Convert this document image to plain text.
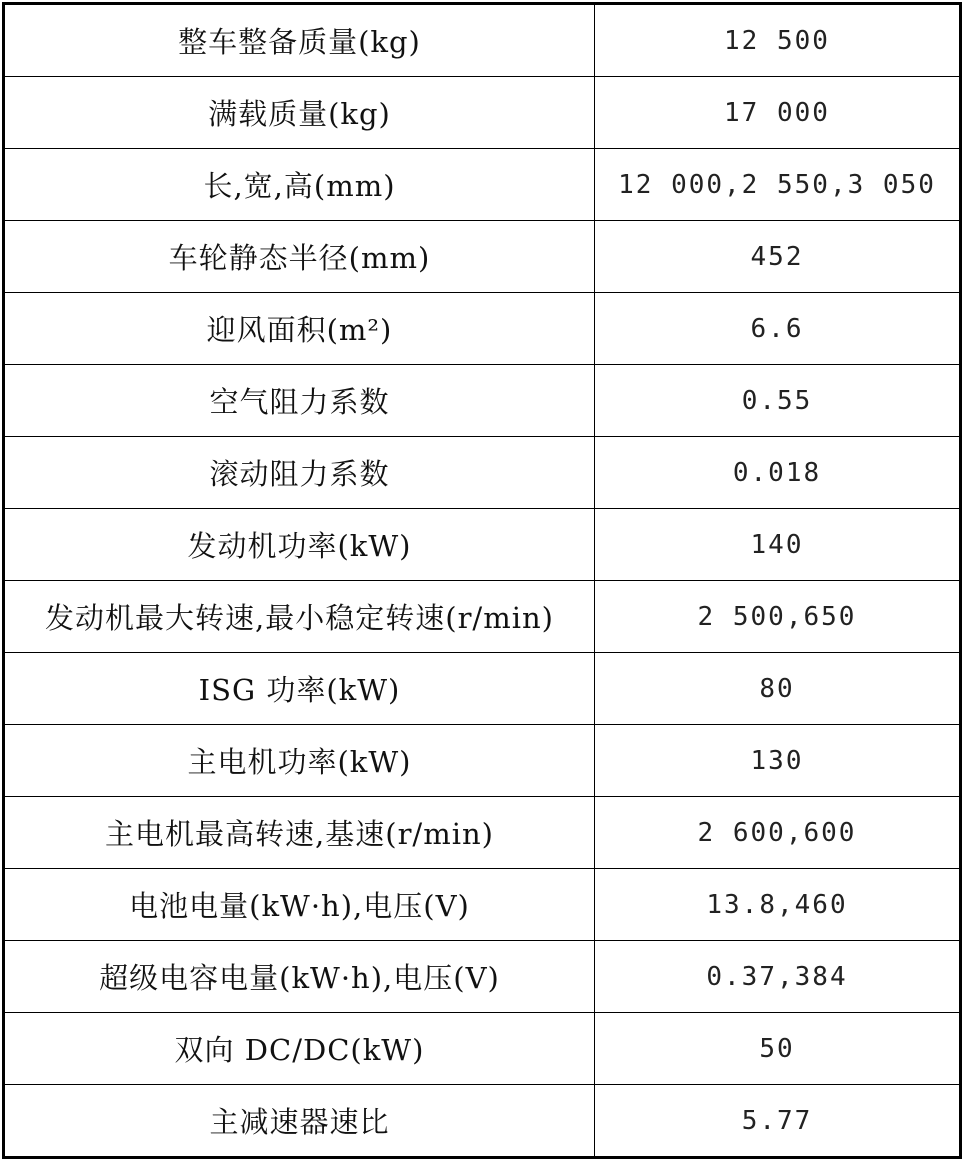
整车整备质量(kg)	12 500
满载质量(kg)	17 000
长,宽,高(mm)	12 000,2 550,3 050
车轮静态半径(mm)	452
迎风面积(m²)	6.6
空气阻力系数	0.55
滚动阻力系数	0.018
发动机功率(kW)	140
发动机最大转速,最小稳定转速(r/min)	2 500,650
ISG 功率(kW)	80
主电机功率(kW)	130
主电机最高转速,基速(r/min)	2 600,600
电池电量(kW·h),电压(V)	13.8,460
超级电容电量(kW·h),电压(V)	0.37,384
双向 DC/DC(kW)	50
主减速器速比	5.77
